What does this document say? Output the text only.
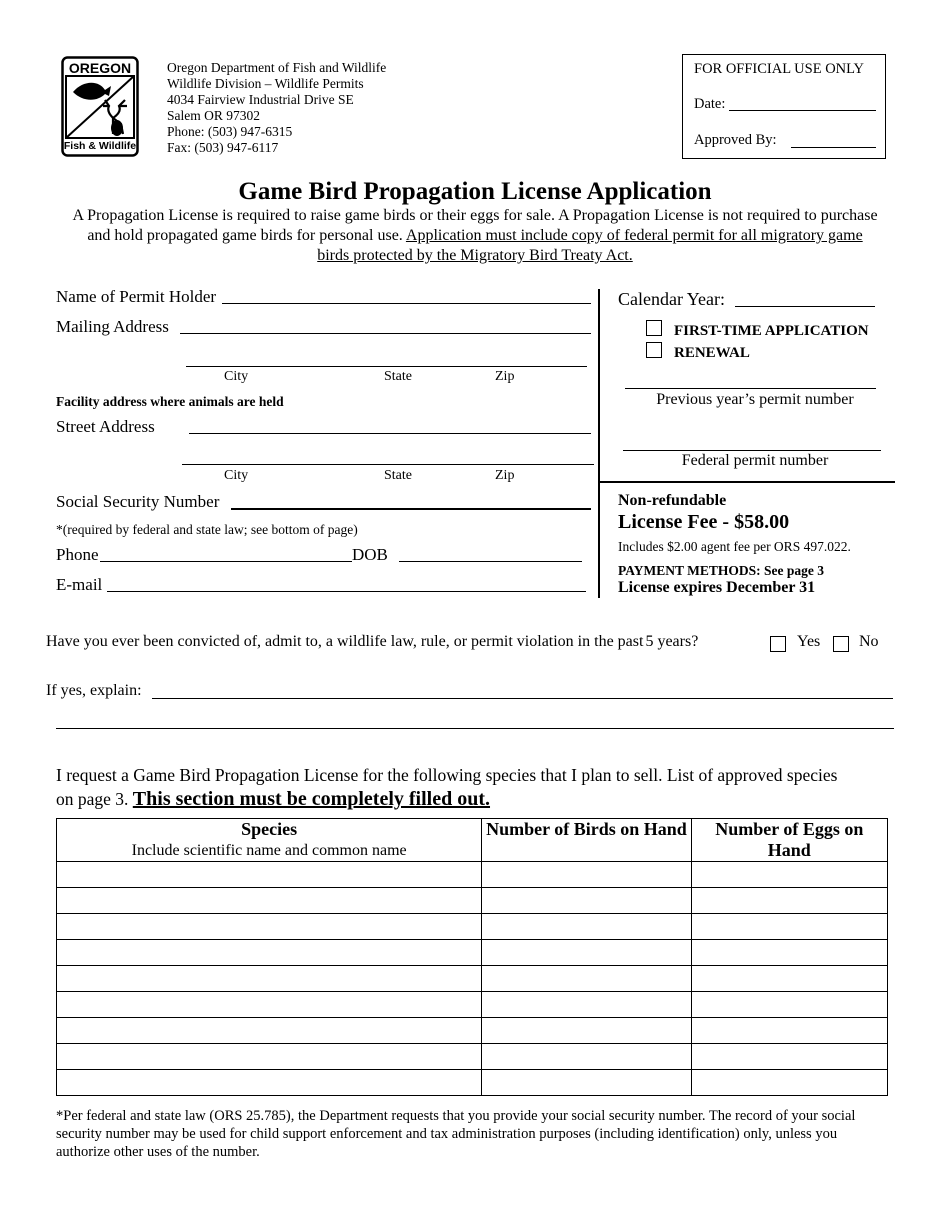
OREGON
Fish & Wildlife
Oregon Department of Fish and Wildlife
Wildlife Division – Wildlife Permits
4034 Fairview Industrial Drive SE
Salem OR 97302
Phone: (503) 947-6315
Fax: (503) 947-6117
FOR OFFICIAL USE ONLY
Date:
Approved By:
Game Bird Propagation License Application
A Propagation License is required to raise game birds or their eggs for sale. A Propagation License is not required to purchase and hold propagated game birds for personal use. Application must include copy of federal permit for all migratory game birds protected by the Migratory Bird Treaty Act.
Name of Permit Holder
Mailing Address
City	State	Zip
Facility address where animals are held
Street Address
City	State	Zip
Social Security Number
*(required by federal and state law; see bottom of page)
Phone	DOB
E-mail
Calendar Year:
FIRST-TIME APPLICATION
RENEWAL
Previous year’s permit number
Federal permit number
Non-refundable
License Fee - $58.00
Includes $2.00 agent fee per ORS 497.022.
PAYMENT METHODS: See page 3
License expires December 31
Have you ever been convicted of, admit to, a wildlife law, rule, or permit violation in the past 5 years?	Yes No
If yes, explain:
I request a Game Bird Propagation License for the following species that I plan to sell. List of approved species on page 3. This section must be completely filled out.
Species
Include scientific name and common name	Number of Birds on Hand	Number of Eggs on Hand

*Per federal and state law (ORS 25.785), the Department requests that you provide your social security number. The record of your social security number may be used for child support enforcement and tax administration purposes (including identification) only, unless you authorize other uses of the number.
